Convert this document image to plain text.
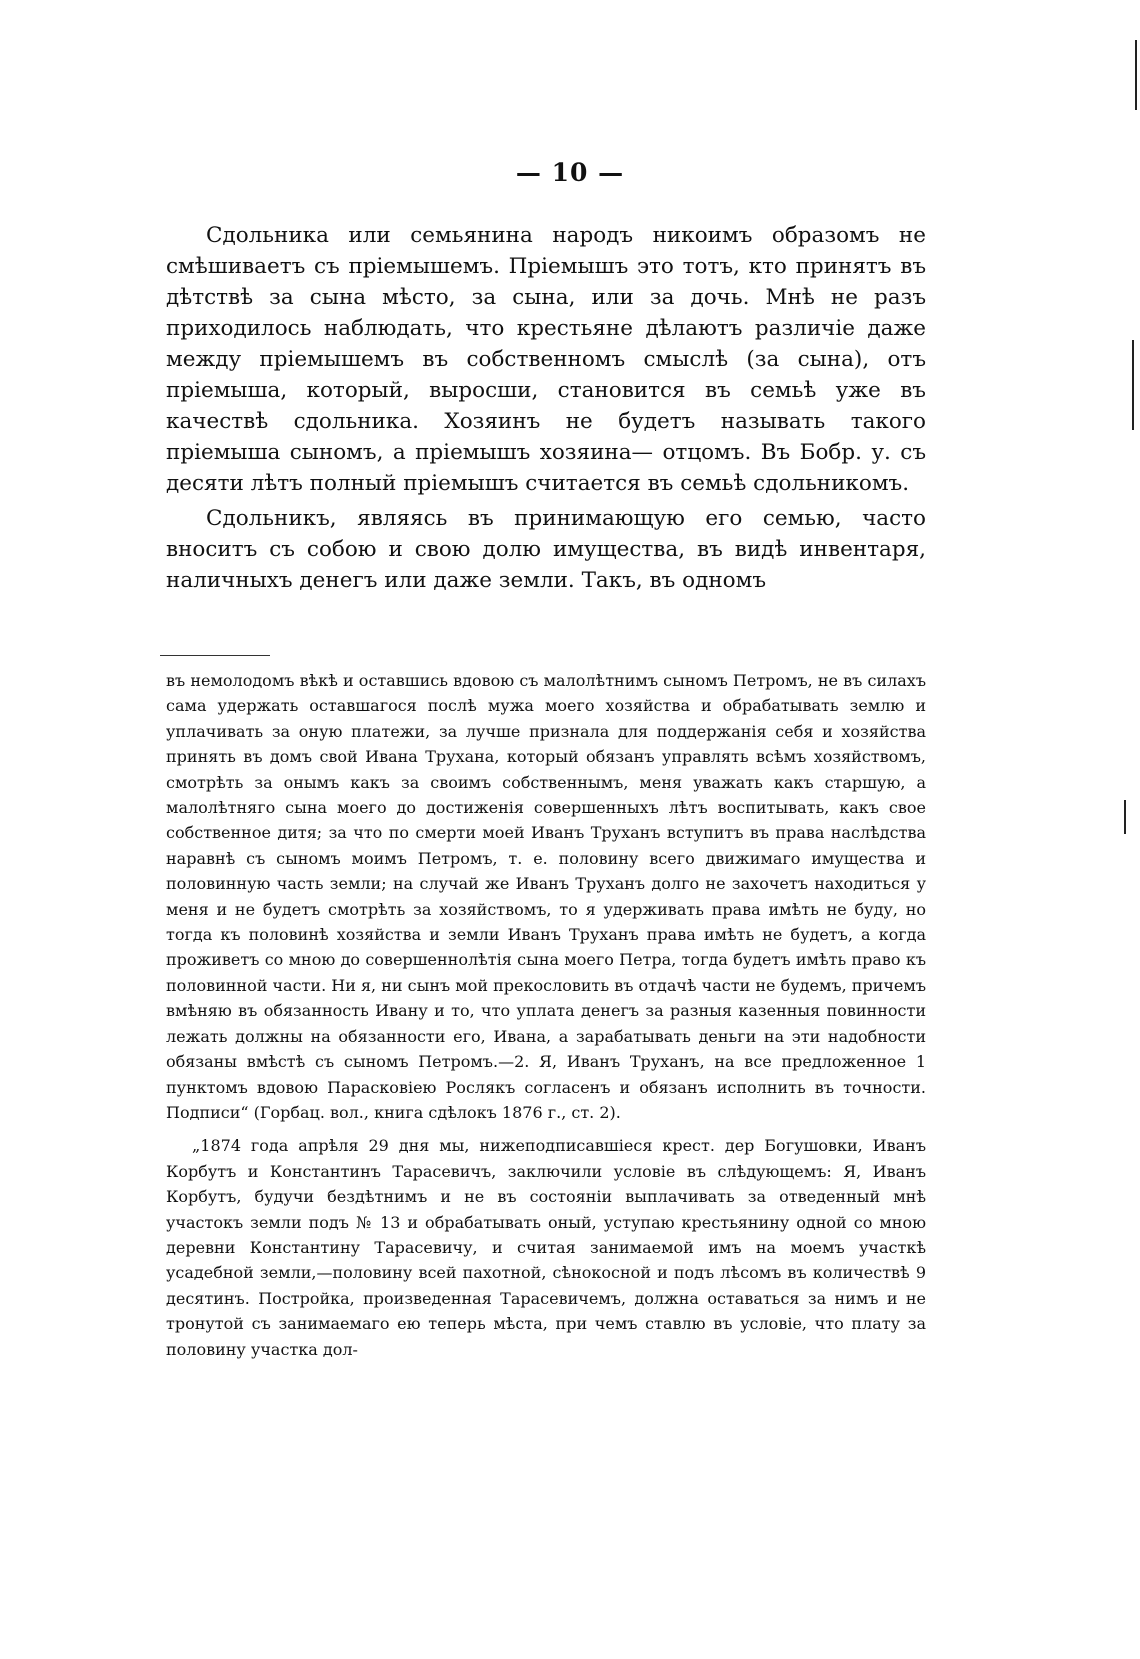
— 10 —

Сдольника или семьянина народъ никоимъ образомъ не смѣшиваетъ съ пріемышемъ. Пріемышъ это тотъ, кто принятъ въ дѣтствѣ за сына мѣсто, за сына, или за дочь. Мнѣ не разъ приходилось наблюдать, что крестьяне дѣлаютъ различіе даже между пріемышемъ въ собственномъ смыслѣ (за сына), отъ пріемыша, который, выросши, становится въ семьѣ уже въ качествѣ сдольника. Хозяинъ не будетъ называть такого пріемыша сыномъ, а пріемышъ хозяина— отцомъ. Въ Бобр. у. съ десяти лѣтъ полный пріемышъ считается въ семьѣ сдольникомъ.

Сдольникъ, являясь въ принимающую его семью, часто вноситъ съ собою и свою долю имущества, въ видѣ инвентаря, наличныхъ денегъ или даже земли. Такъ, въ одномъ

въ немолодомъ вѣкѣ и оставшись вдовою съ малолѣтнимъ сыномъ Петромъ, не въ силахъ сама удержать оставшагося послѣ мужа моего хозяйства и обрабатывать землю и уплачивать за оную платежи, за лучше признала для поддержанія себя и хозяйства принять въ домъ свой Ивана Трухана, который обязанъ управлять всѣмъ хозяйствомъ, смотрѣть за онымъ какъ за своимъ собственнымъ, меня уважать какъ старшую, а малолѣтняго сына моего до достиженія совершенныхъ лѣтъ воспитывать, какъ свое собственное дитя; за что по смерти моей Иванъ Труханъ вступитъ въ права наслѣдства наравнѣ съ сыномъ моимъ Петромъ, т. е. половину всего движимаго имущества и половинную часть земли; на случай же Иванъ Труханъ долго не захочетъ находиться у меня и не будетъ смотрѣть за хозяйствомъ, то я удерживать права имѣть не буду, но тогда къ половинѣ хозяйства и земли Иванъ Труханъ права имѣть не будетъ, а когда проживетъ со мною до совершеннолѣтія сына моего Петра, тогда будетъ имѣть право къ половинной части. Ни я, ни сынъ мой прекословить въ отдачѣ части не будемъ, причемъ вмѣняю въ обязанность Ивану и то, что уплата денегъ за разныя казенныя повинности лежать должны на обязанности его, Ивана, а зарабатывать деньги на эти надобности обязаны вмѣстѣ съ сыномъ Петромъ.—2. Я, Иванъ Труханъ, на все предложенное 1 пунктомъ вдовою Парасковіею Рослякъ согласенъ и обязанъ исполнить въ точности. Подписи“ (Горбац. вол., книга сдѣлокъ 1876 г., ст. 2).

„1874 года апрѣля 29 дня мы, нижеподписавшіеся крест. дер Богушовки, Иванъ Корбутъ и Константинъ Тарасевичъ, заключили условіе въ слѣдующемъ: Я, Иванъ Корбутъ, будучи бездѣтнимъ и не въ состояніи выплачивать за отведенный мнѣ участокъ земли подъ № 13 и обрабатывать оный, уступаю крестьянину одной со мною деревни Константину Тарасевичу, и считая занимаемой имъ на моемъ участкѣ усадебной земли,—половину всей пахотной, сѣнокосной и подъ лѣсомъ въ количествѣ 9 десятинъ. Постройка, произведенная Тарасевичемъ, должна оставаться за нимъ и не тронутой съ занимаемаго ею теперь мѣста, при чемъ ставлю въ условіе, что плату за половину участка дол-
